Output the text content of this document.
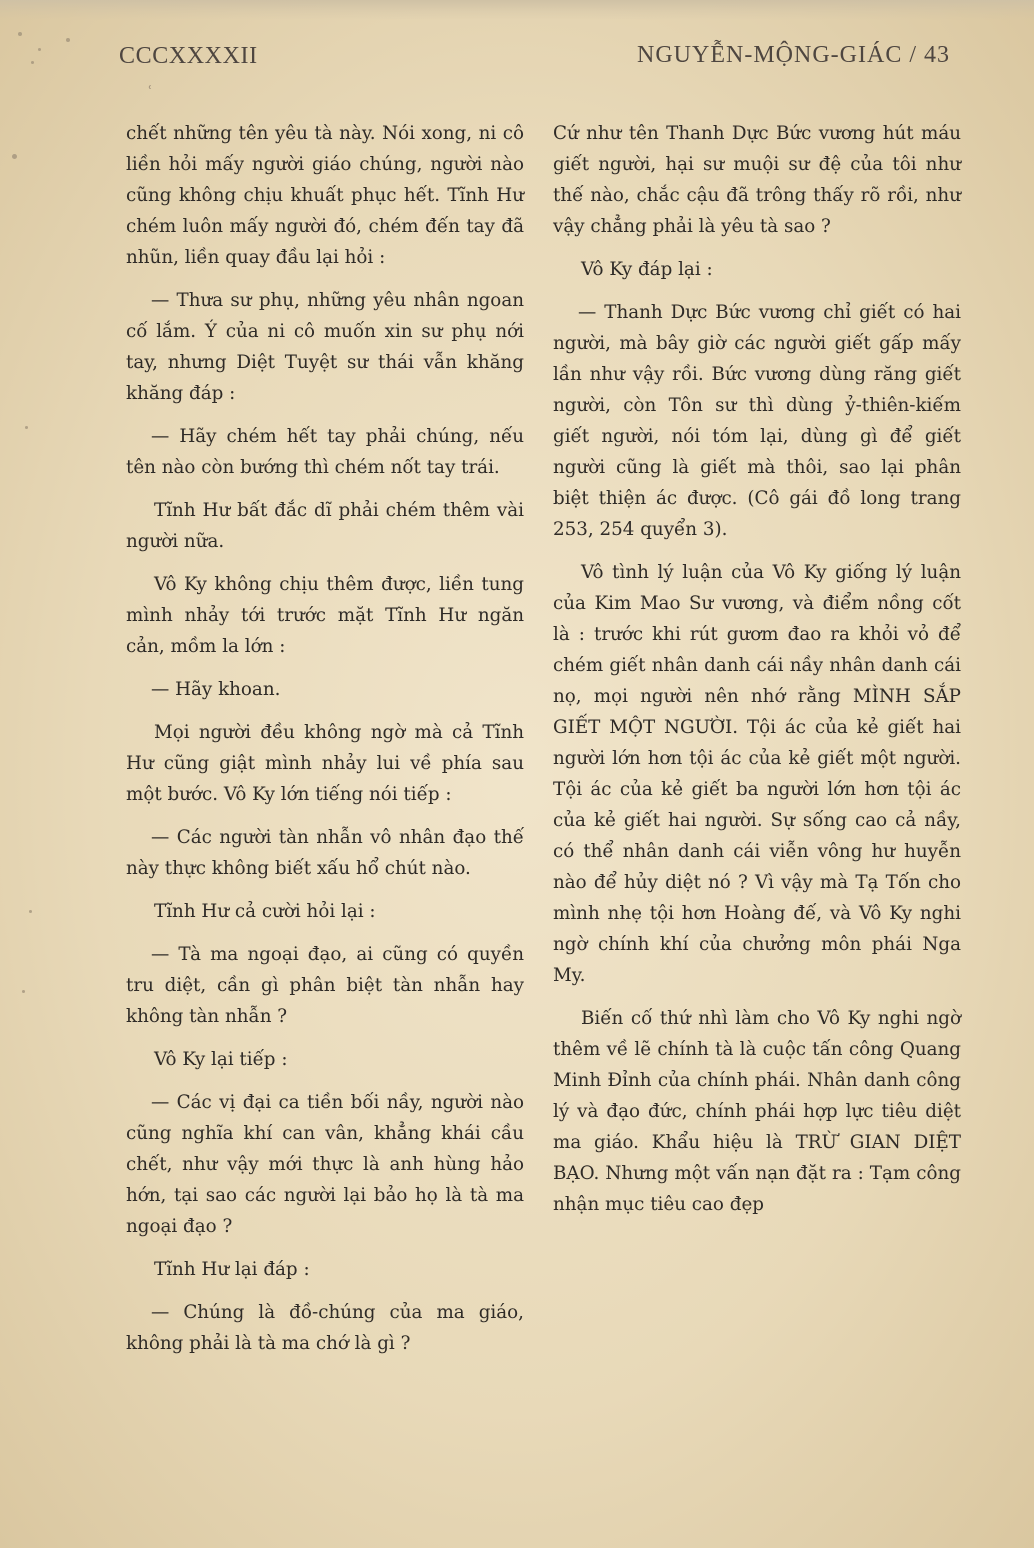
ՙ
CCCXXXXII	NGUYỄN-MỘNG-GIÁC / 43

chết những tên yêu tà này. Nói xong, ni cô liền hỏi mấy người giáo chúng, người nào cũng không chịu khuất phục hết. Tĩnh Hư chém luôn mấy người đó, chém đến tay đã nhũn, liền quay đầu lại hỏi :

— Thưa sư phụ, những yêu nhân ngoan cố lắm. Ý của ni cô muốn xin sư phụ nới tay, nhưng Diệt Tuyệt sư thái vẫn khăng khăng đáp :

— Hãy chém hết tay phải chúng, nếu tên nào còn bướng thì chém nốt tay trái.

Tĩnh Hư bất đắc dĩ phải chém thêm vài người nữa.

Vô Ky không chịu thêm được, liền tung mình nhảy tới trước mặt Tĩnh Hư ngăn cản, mồm la lớn :

— Hãy khoan.

Mọi người đều không ngờ mà cả Tĩnh Hư cũng giật mình nhảy lui về phía sau một bước. Vô Ky lớn tiếng nói tiếp :

— Các người tàn nhẫn vô nhân đạo thế này thực không biết xấu hổ chút nào.

Tĩnh Hư cả cười hỏi lại :

— Tà ma ngoại đạo, ai cũng có quyền tru diệt, cần gì phân biệt tàn nhẫn hay không tàn nhẫn ?

Vô Ky lại tiếp :

— Các vị đại ca tiền bối nầy, người nào cũng nghĩa khí can vân, khẳng khái cầu chết, như vậy mới thực là anh hùng hảo hớn, tại sao các người lại bảo họ là tà ma ngoại đạo ?

Tĩnh Hư lại đáp :

— Chúng là đồ-chúng của ma giáo, không phải là tà ma chớ là gì ?

Cứ như tên Thanh Dực Bức vương hút máu giết người, hại sư muội sư đệ của tôi như thế nào, chắc cậu đã trông thấy rõ rồi, như vậy chẳng phải là yêu tà sao ?

Vô Ky đáp lại :

— Thanh Dực Bức vương chỉ giết có hai người, mà bây giờ các người giết gấp mấy lần như vậy rồi. Bức vương dùng răng giết người, còn Tôn sư thì dùng ỷ-thiên-kiếm giết người, nói tóm lại, dùng gì để giết người cũng là giết mà thôi, sao lại phân biệt thiện ác được. (Cô gái đồ long trang 253, 254 quyển 3).

Vô tình lý luận của Vô Ky giống lý luận của Kim Mao Sư vương, và điểm nồng cốt là : trước khi rút gươm đao ra khỏi vỏ để chém giết nhân danh cái nầy nhân danh cái nọ, mọi người nên nhớ rằng MÌNH SẮP GIẾT MỘT NGƯỜI. Tội ác của kẻ giết hai người lớn hơn tội ác của kẻ giết một người. Tội ác của kẻ giết ba người lớn hơn tội ác của kẻ giết hai người. Sự sống cao cả nầy, có thể nhân danh cái viễn vông hư huyễn nào để hủy diệt nó ? Vì vậy mà Tạ Tốn cho mình nhẹ tội hơn Hoàng đế, và Vô Ky nghi ngờ chính khí của chưởng môn phái Nga My.

Biến cố thứ nhì làm cho Vô Ky nghi ngờ thêm về lẽ chính tà là cuộc tấn công Quang Minh Đỉnh của chính phái. Nhân danh công lý và đạo đức, chính phái hợp lực tiêu diệt ma giáo. Khẩu hiệu là TRỪ GIAN DIỆT BẠO. Nhưng một vấn nạn đặt ra : Tạm công nhận mục tiêu cao đẹp
